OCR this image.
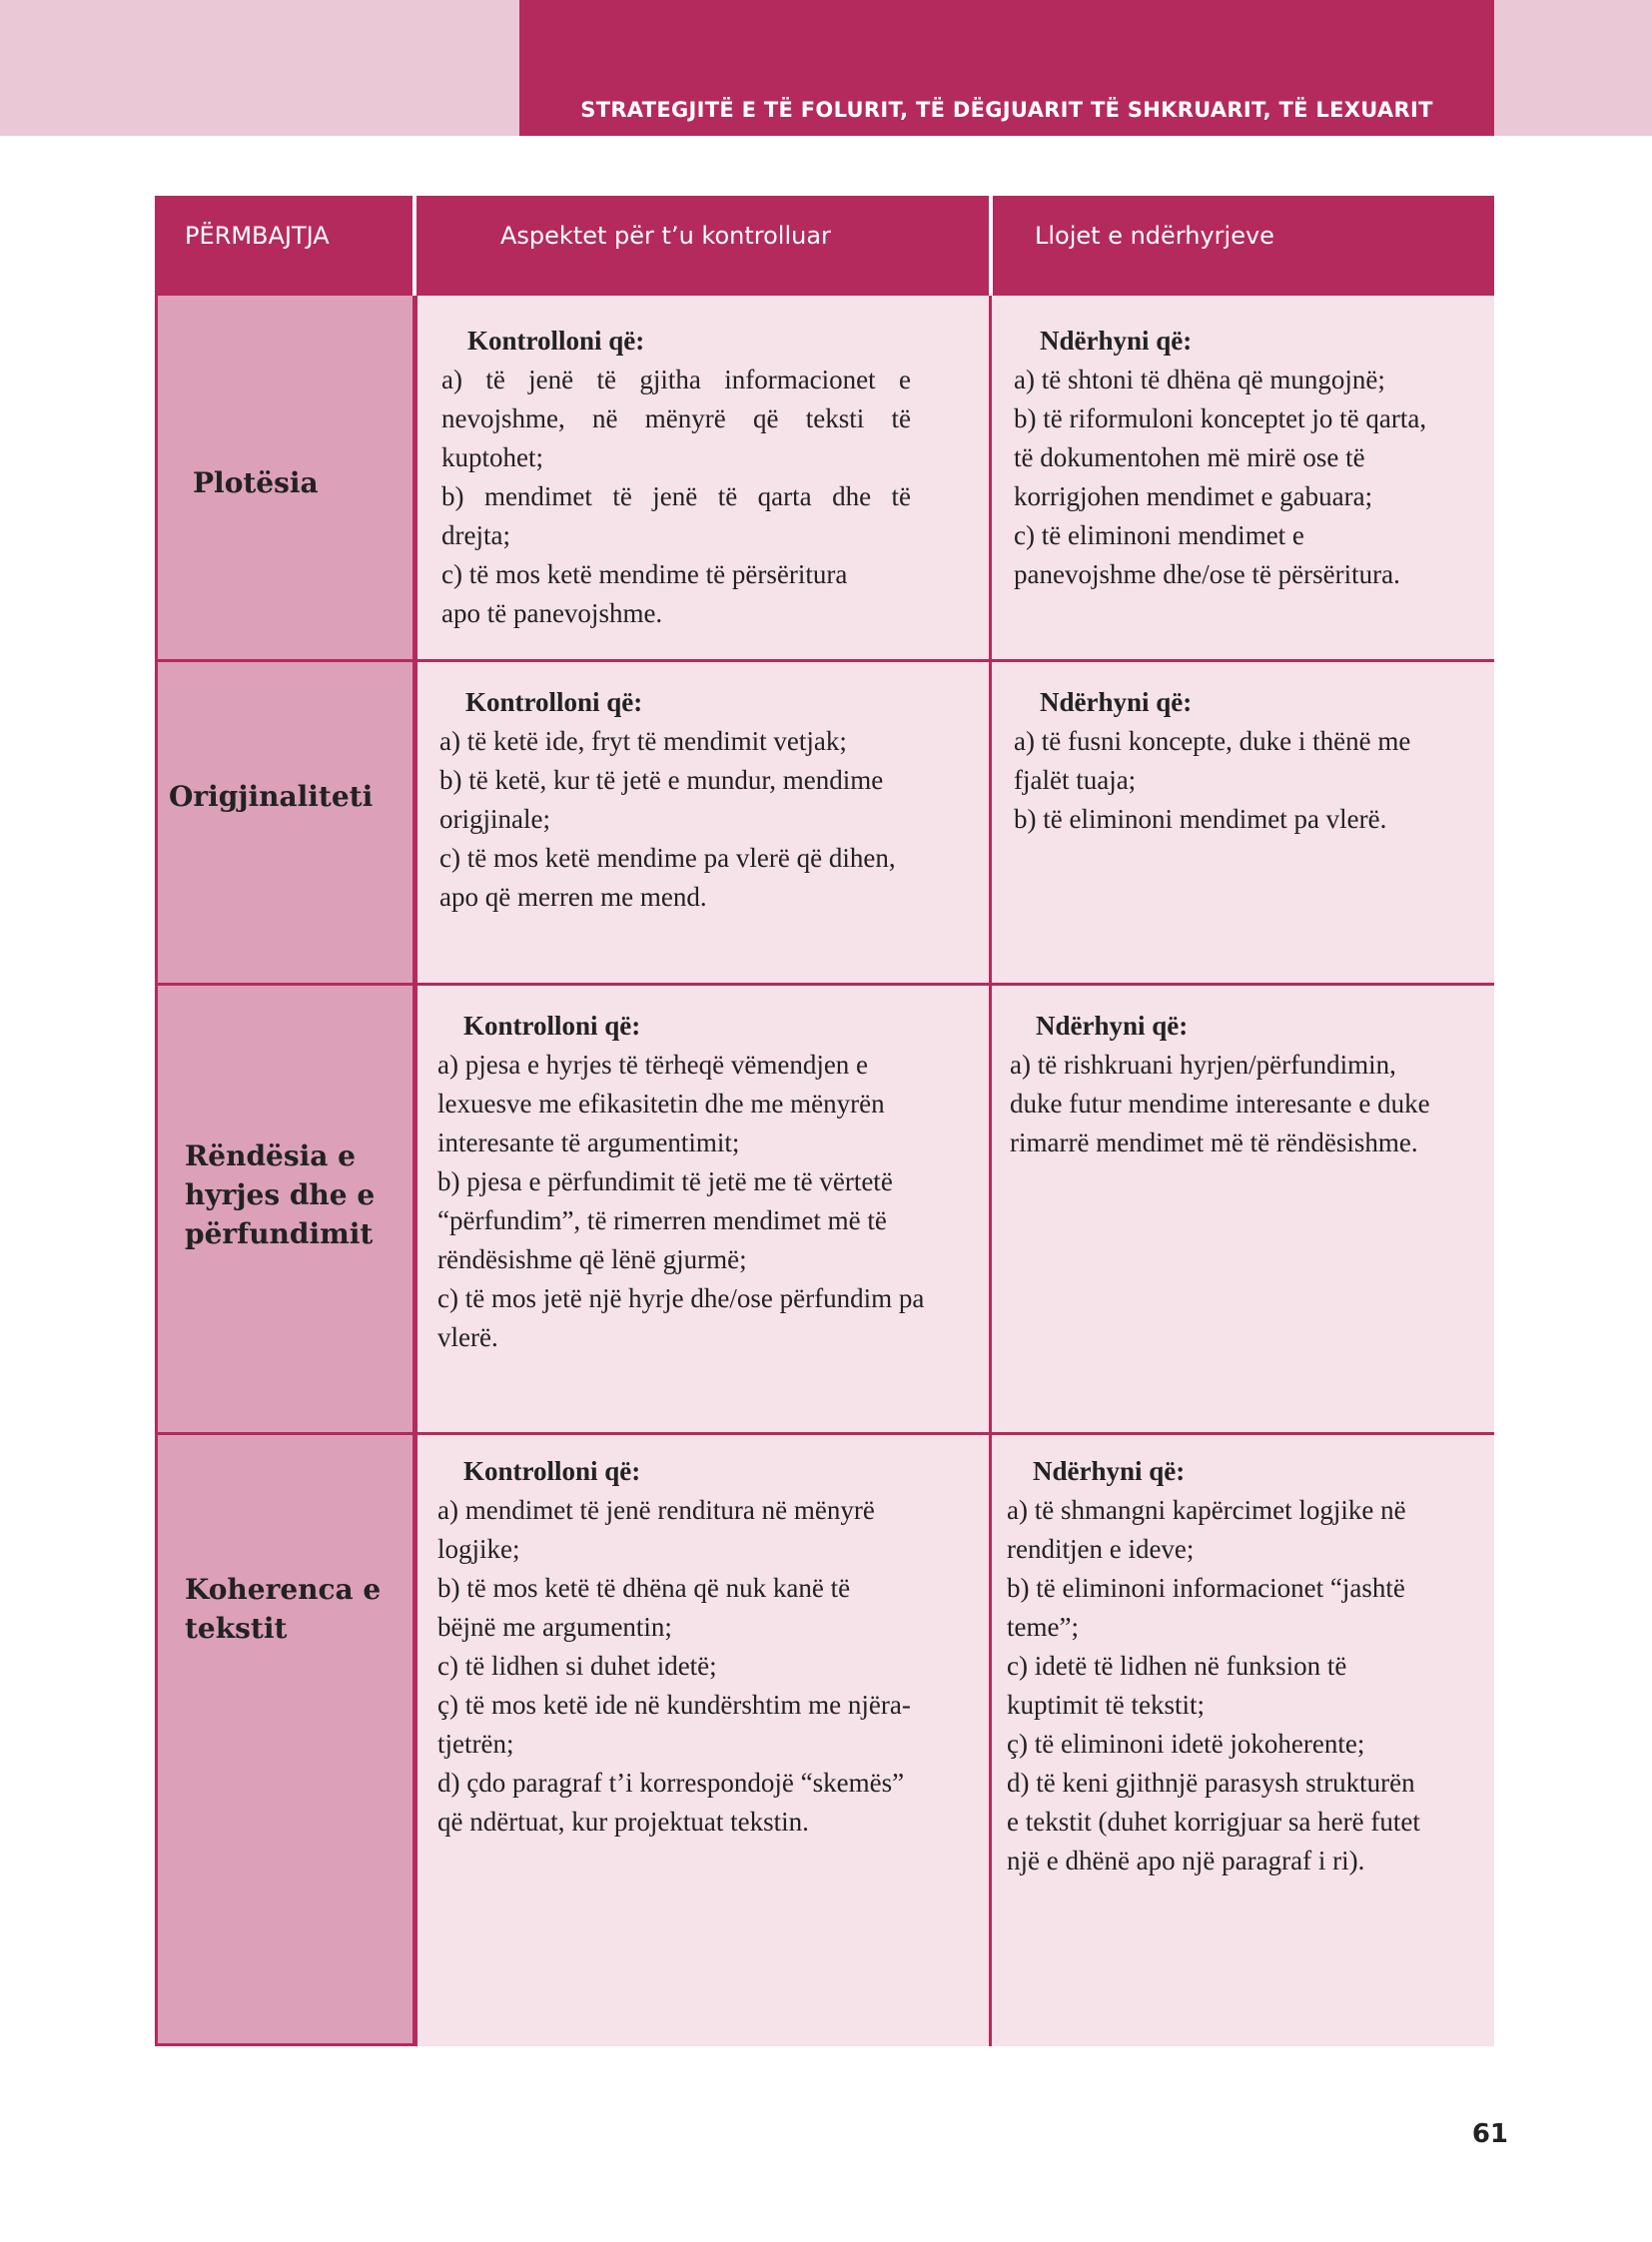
STRATEGJITË E TË FOLURIT, TË DËGJUARIT TË SHKRUARIT, TË LEXUARIT
PËRMBAJTJA	Aspektet për t’u kontrolluar	Llojet e ndërhyrjeve
Plotësia
Kontrolloni që:
a) të jenë të gjitha informacionet e
nevojshme, në mënyrë që teksti të
kuptohet;
b) mendimet të jenë të qarta dhe të
drejta;
c) të mos ketë mendime të përsëritura
apo të panevojshme.
Ndërhyni që:
a) të shtoni të dhëna që mungojnë;
b) të riformuloni konceptet jo të qarta,
të dokumentohen më mirë ose të
korrigjohen mendimet e gabuara;
c) të eliminoni mendimet e
panevojshme dhe/ose të përsëritura.
Origjinaliteti
Kontrolloni që:
a) të ketë ide, fryt të mendimit vetjak;
b) të ketë, kur të jetë e mundur, mendime
origjinale;
c) të mos ketë mendime pa vlerë që dihen,
apo që merren me mend.
Ndërhyni që:
a) të fusni koncepte, duke i thënë me
fjalët tuaja;
b) të eliminoni mendimet pa vlerë.
Rëndësia e
hyrjes dhe e
përfundimit
Kontrolloni që:
a) pjesa e hyrjes të tërheqë vëmendjen e
lexuesve me efikasitetin dhe me mënyrën
interesante të argumentimit;
b) pjesa e përfundimit të jetë me të vërtetë
“përfundim”, të rimerren mendimet më të
rëndësishme që lënë gjurmë;
c) të mos jetë një hyrje dhe/ose përfundim pa
vlerë.
Ndërhyni që:
a) të rishkruani hyrjen/përfundimin,
duke futur mendime interesante e duke
rimarrë mendimet më të rëndësishme.
Koherenca e
tekstit
Kontrolloni që:
a) mendimet të jenë renditura në mënyrë
logjike;
b) të mos ketë të dhëna që nuk kanë të
bëjnë me argumentin;
c) të lidhen si duhet idetë;
ç) të mos ketë ide në kundërshtim me njëra-
tjetrën;
d) çdo paragraf t’i korrespondojë “skemës”
që ndërtuat, kur projektuat tekstin.
Ndërhyni që:
a) të shmangni kapërcimet logjike në
renditjen e ideve;
b) të eliminoni informacionet “jashtë
teme”;
c) idetë të lidhen në funksion të
kuptimit të tekstit;
ç) të eliminoni idetë jokoherente;
d) të keni gjithnjë parasysh strukturën
e tekstit (duhet korrigjuar sa herë futet
një e dhënë apo një paragraf i ri).
61
